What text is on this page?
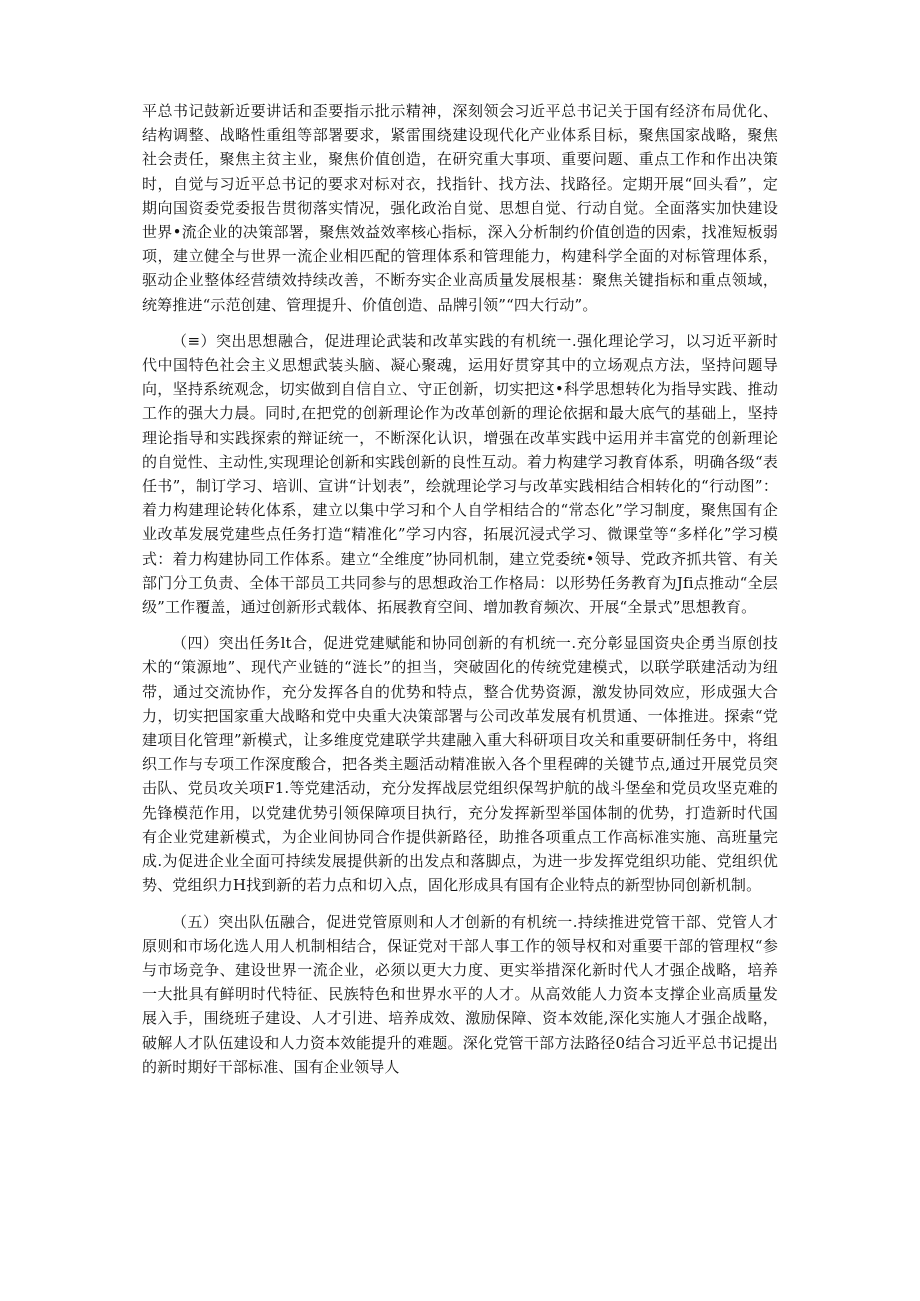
平总书记鼓新近要讲话和歪要指示批示精神，深刻领会习近平总书记关于国有经济布局优化、结构调整、战略性重组等部署要求，紧雷围绕建设现代化产业体系目标，聚焦国家战略，聚焦社会责任，聚焦主贫主业，聚焦价值创造，在研究重大事项、重要问题、重点工作和作出决策时，自觉与习近平总书记的要求对标对衣，找指针、找方法、找路径。定期开展“回头看”，定期向国资委党委报告贯彻落实情况，强化政治自觉、思想自觉、行动自觉。全面落实加快建设世界•流企业的决策部署，聚焦效益效率核心指标，深入分析制约价值创造的因索，找准短板弱项，建立健全与世界一流企业相匹配的管理体系和管理能力，构建科学全面的对标管理体系，驱动企业整体经营绩效持续改善，不断夯实企业高质量发展根基：聚焦关键指标和重点领域，统筹推进“示范创建、管理提升、价值创造、品牌引领”“四大行动”。

（≡）突出思想融合，促进理论武装和改革实践的有机统一.强化理论学习，以习近平新时代中国特色社会主义思想武装头脑、凝心聚魂，运用好贯穿其中的立场观点方法，坚持问题导向，坚持系统观念，切实做到自信自立、守正创新，切实把这•科学思想转化为指导实践、推动工作的强大力晨。同时,在把党的创新理论作为改革创新的理论依据和最大底气的基础上，坚持理论指导和实践探索的辩证统一，不断深化认识，增强在改革实践中运用并丰富党的创新理论的自觉性、主动性,实现理论创新和实践创新的良性互动。着力构建学习教育体系，明确各级“表任书”，制订学习、培训、宣讲“计划表”，绘就理论学习与改革实践相结合相转化的“行动图”：着力构建理论转化体系，建立以集中学习和个人自学相结合的“常态化”学习制度，聚焦国有企业改革发展党建些点任务打造“精准化”学习内容，拓展沉浸式学习、微课堂等“多样化”学习模式：着力构建协同工作体系。建立“全维度”协同机制，建立党委统•领导、党政齐抓共管、有关部门分工负责、全体干部员工共同参与的思想政治工作格局：以形势任务教育为Jfi点推动“全层级”工作覆盖，通过创新形式载体、拓展教育空间、增加教育频次、开展“全景式”思想教育。

（四）突出任务lt合，促进党建赋能和协同创新的有机统一.充分彰显国资央企勇当原创技术的“策源地”、现代产业链的“涟长”的担当，突破固化的传统党建模式，以联学联建活动为纽带，通过交流协作，充分发挥各自的优势和特点，整合优势资源，激发协同效应，形成强大合力，切实把国家重大战略和党中央重大决策部署与公司改革发展有机贯通、一体推进。探索“党建项目化管理”新模式，让多维度党建联学共建融入重大科研项目攻关和重要研制任务中，将组织工作与专项工作深度酸合，把各类主题活动精准嵌入各个里程碑的关键节点,通过开展党员突击队、党员攻关项F1.等党建活动，充分发挥战层党组织保驾护航的战斗堡垒和党员攻坚克难的先锋模范作用，以党建优势引领保障项目执行，充分发挥新型举国体制的优势，打造新时代国有企业党建新模式，为企业间协同合作提供新路径，助推各项重点工作高标准实施、高班量完成.为促进企业全面可持续发展提供新的出发点和落脚点，为进一步发挥党组织功能、党组织优势、党组织力H找到新的若力点和切入点，固化形成具有国有企业特点的新型协同创新机制。

（五）突出队伍融合，促进党管原则和人才创新的有机统一.持续推进党管干部、党管人才原则和市场化选人用人机制相结合，保证党对干部人事工作的领导权和对重要干部的管理权“参与市场竞争、建设世界一流企业，必须以更大力度、更实举措深化新时代人才强企战略，培养一大批具有鲜明时代特征、民族特色和世界水平的人才。从高效能人力资本支撑企业高质量发展入手，围绕班子建设、人才引进、培养成效、激励保障、资本效能,深化实施人才强企战略，破解人才队伍建设和人力资本效能提升的难题。深化党管干部方法路径0结合习近平总书记提出的新时期好干部标准、国有企业领导人
